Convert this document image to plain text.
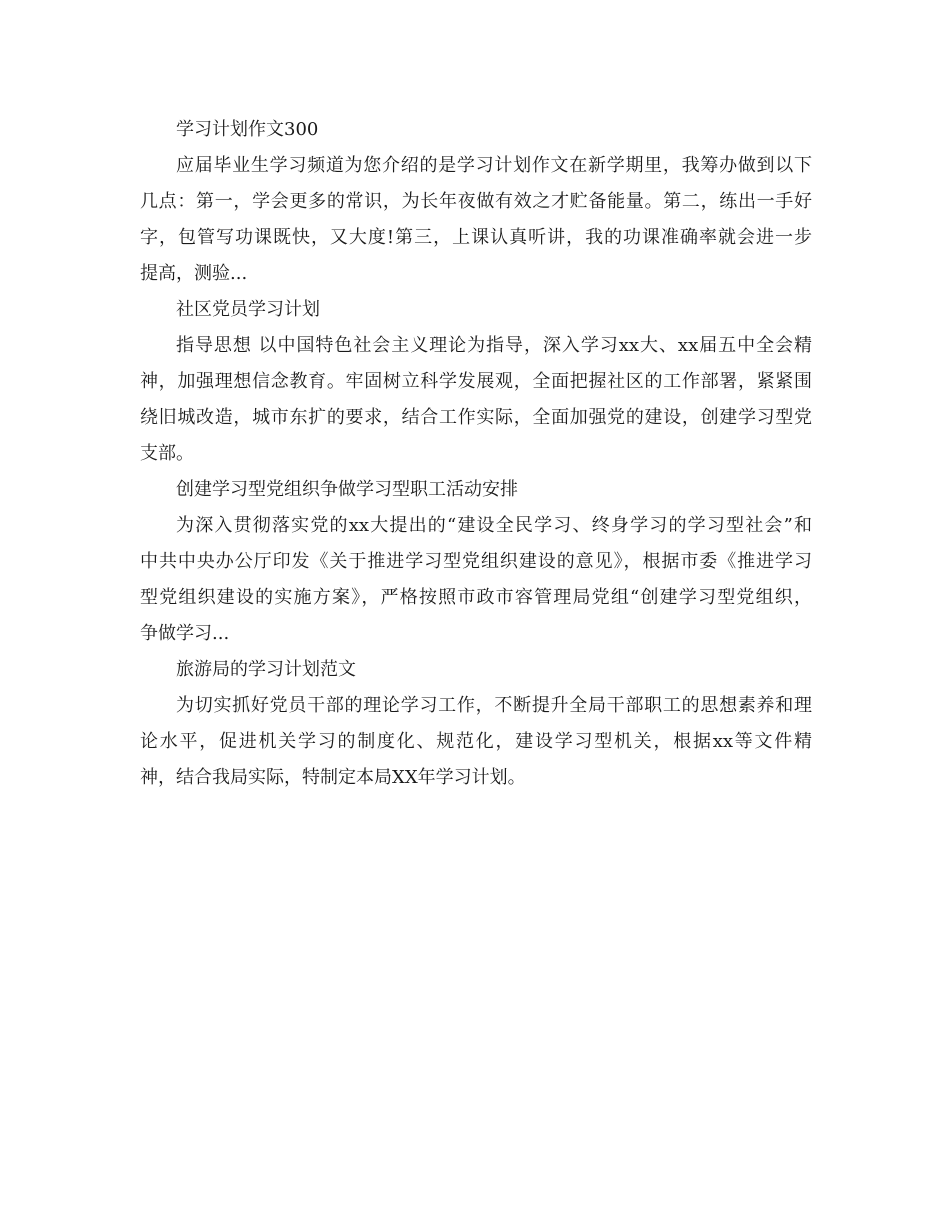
学习计划作文300
应届毕业生学习频道为您介绍的是学习计划作文在新学期里，我筹办做到以下
几点：第一，学会更多的常识，为长年夜做有效之才贮备能量。第二，练出一手好
字，包管写功课既快，又大度!第三，上课认真听讲，我的功课准确率就会进一步
提高，测验...
社区党员学习计划
指导思想 以中国特色社会主义理论为指导，深入学习xx大、xx届五中全会精
神，加强理想信念教育。牢固树立科学发展观，全面把握社区的工作部署，紧紧围
绕旧城改造，城市东扩的要求，结合工作实际，全面加强党的建设，创建学习型党
支部。
创建学习型党组织争做学习型职工活动安排
为深入贯彻落实党的xx大提出的“建设全民学习、终身学习的学习型社会”和
中共中央办公厅印发《关于推进学习型党组织建设的意见》，根据市委《推进学习
型党组织建设的实施方案》，严格按照市政市容管理局党组“创建学习型党组织，
争做学习...
旅游局的学习计划范文
为切实抓好党员干部的理论学习工作，不断提升全局干部职工的思想素养和理
论水平，促进机关学习的制度化、规范化，建设学习型机关，根据xx等文件精
神，结合我局实际，特制定本局XX年学习计划。
